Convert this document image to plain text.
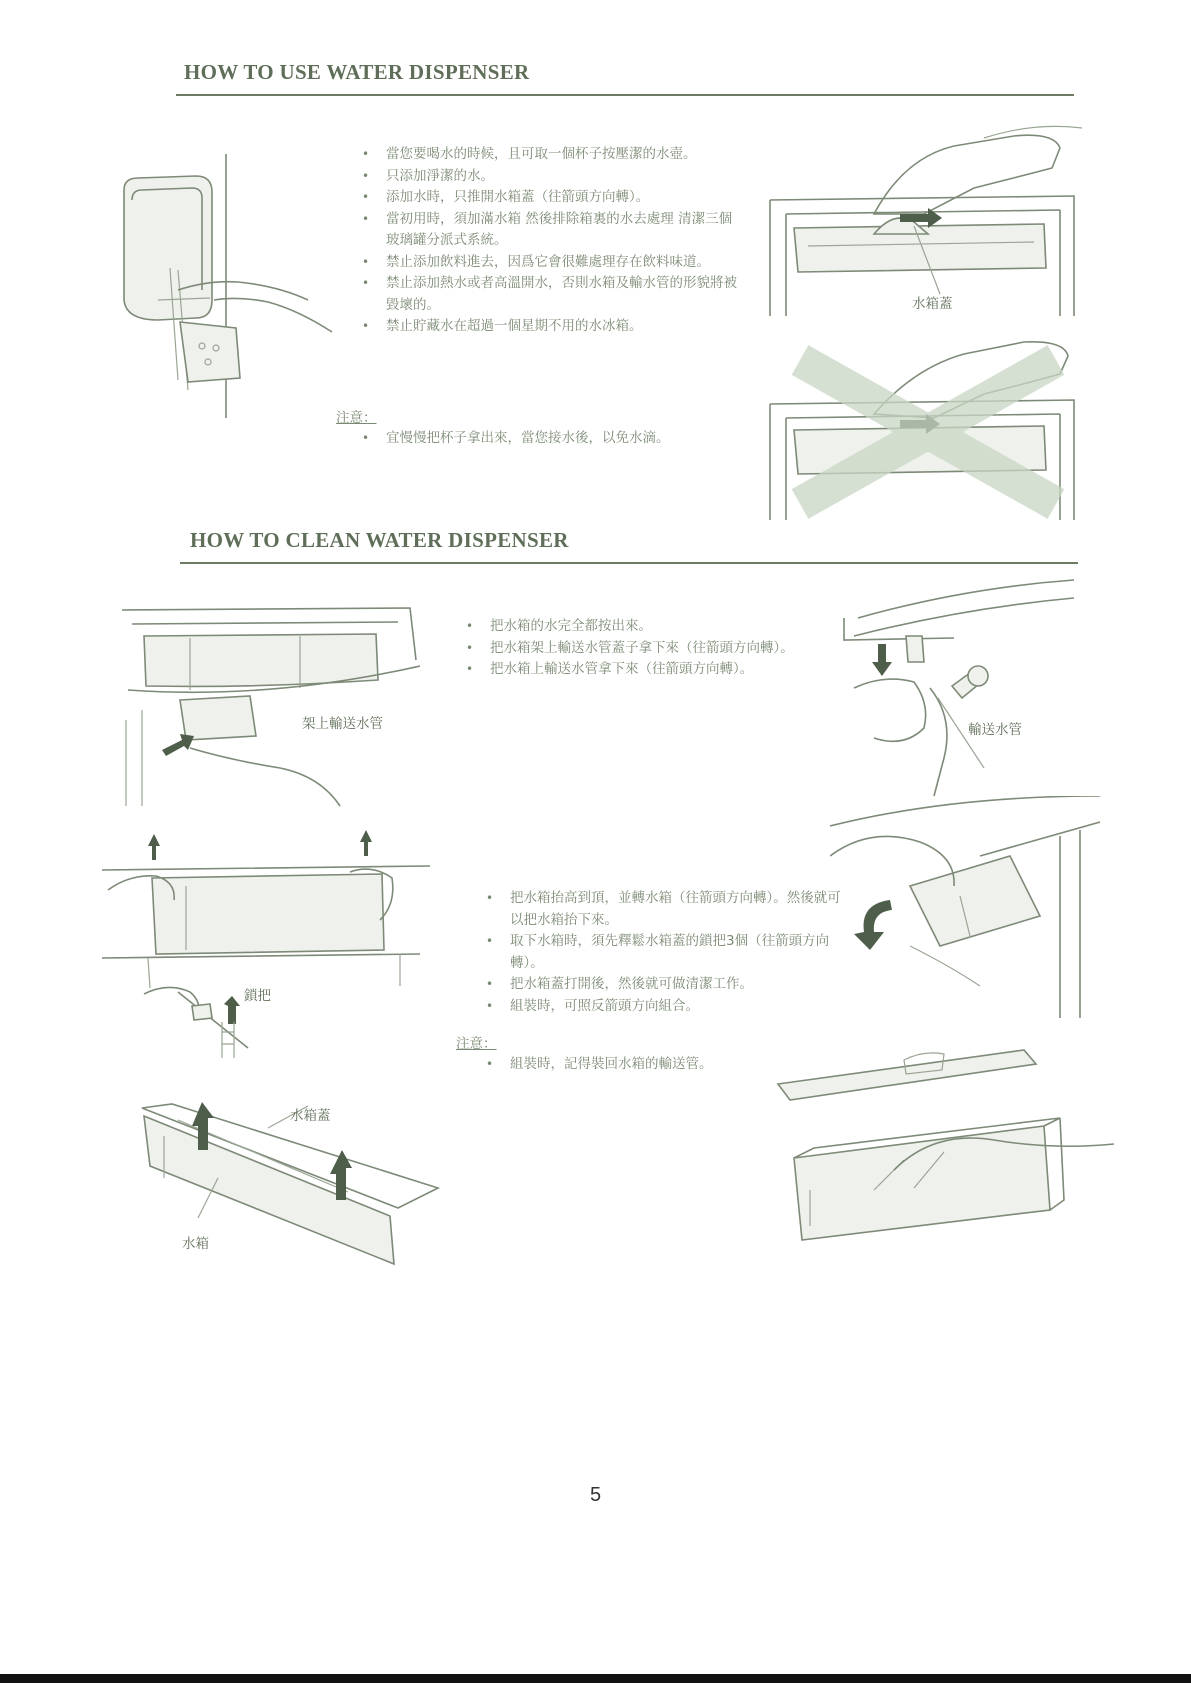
HOW TO USE WATER DISPENSER
• 當您要喝水的時候，且可取一個杯子按壓潔的水壺。
• 只添加淨潔的水。
• 添加水時，只推開水箱蓋（往箭頭方向轉）。
• 當初用時，須加滿水箱 然後排除箱裏的水去處理 清潔三個玻璃罐分派式系統。
• 禁止添加飲料進去，因爲它會很難處理存在飲料味道。
• 禁止添加熱水或者高溫開水，否則水箱及輸水管的形貌將被毀壞的。
• 禁止貯藏水在超過一個星期不用的水冰箱。
注意：
• 宜慢慢把杯子拿出來，當您接水後，以免水滴。
水箱蓋
HOW TO CLEAN WATER DISPENSER
架上輸送水管
• 把水箱的水完全都按出來。
• 把水箱架上輸送水管蓋子拿下來（往箭頭方向轉）。
• 把水箱上輸送水管拿下來（往箭頭方向轉）。
輸送水管
鎖把
水箱蓋
水箱
• 把水箱抬高到頂，並轉水箱（往箭頭方向轉）。然後就可以把水箱抬下來。
• 取下水箱時，須先釋鬆水箱蓋的鎖把3個（往箭頭方向轉）。
• 把水箱蓋打開後，然後就可做清潔工作。
• 組裝時，可照反箭頭方向組合。
注意：
• 組裝時，記得裝回水箱的輸送管。
5
